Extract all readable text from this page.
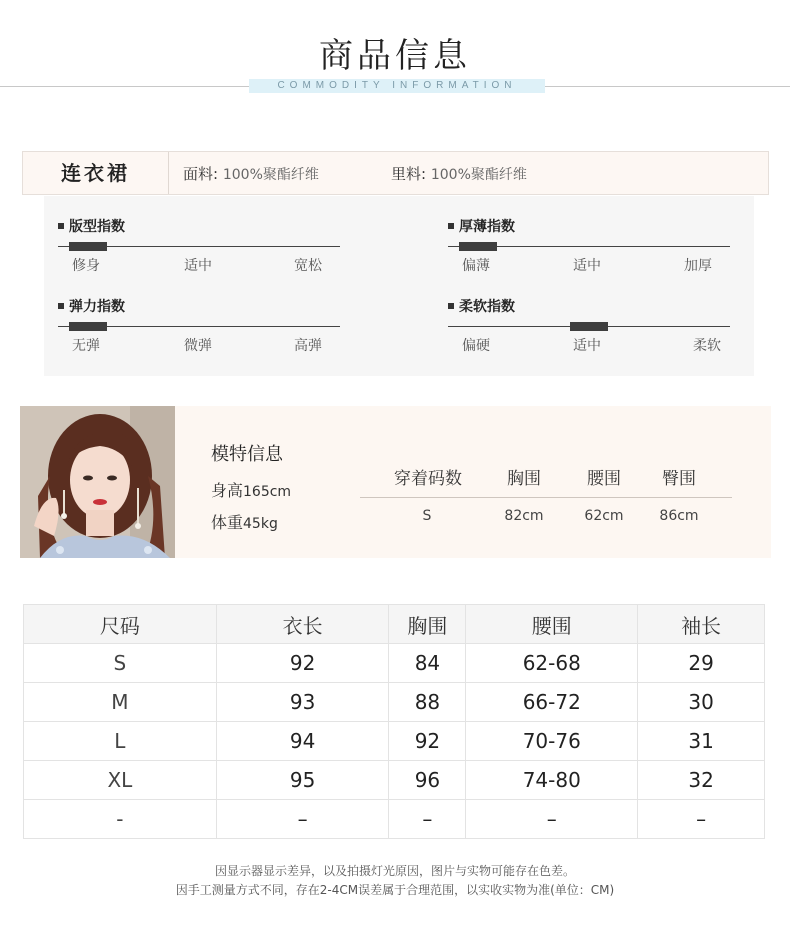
商品信息
COMMODITY INFORMATION
连衣裙	面料: 100%聚酯纤维	里料: 100%聚酯纤维
版型指数
修身	适中	宽松
厚薄指数
偏薄	适中	加厚
弹力指数
无弹	微弹	高弹
柔软指数
偏硬	适中	柔软
模特信息
身高165cm
体重45kg
穿着码数	胸围	腰围	臀围
S	82cm	62cm	86cm
尺码	衣长	胸围	腰围	袖长
S	92	84	62-68	29
M	93	88	66-72	30
L	94	92	70-76	31
XL	95	96	74-80	32
-	–	–	–	–
因显示器显示差异，以及拍摄灯光原因，图片与实物可能存在色差。
因手工测量方式不同，存在2-4CM误差属于合理范围，以实收实物为准(单位：CM)
